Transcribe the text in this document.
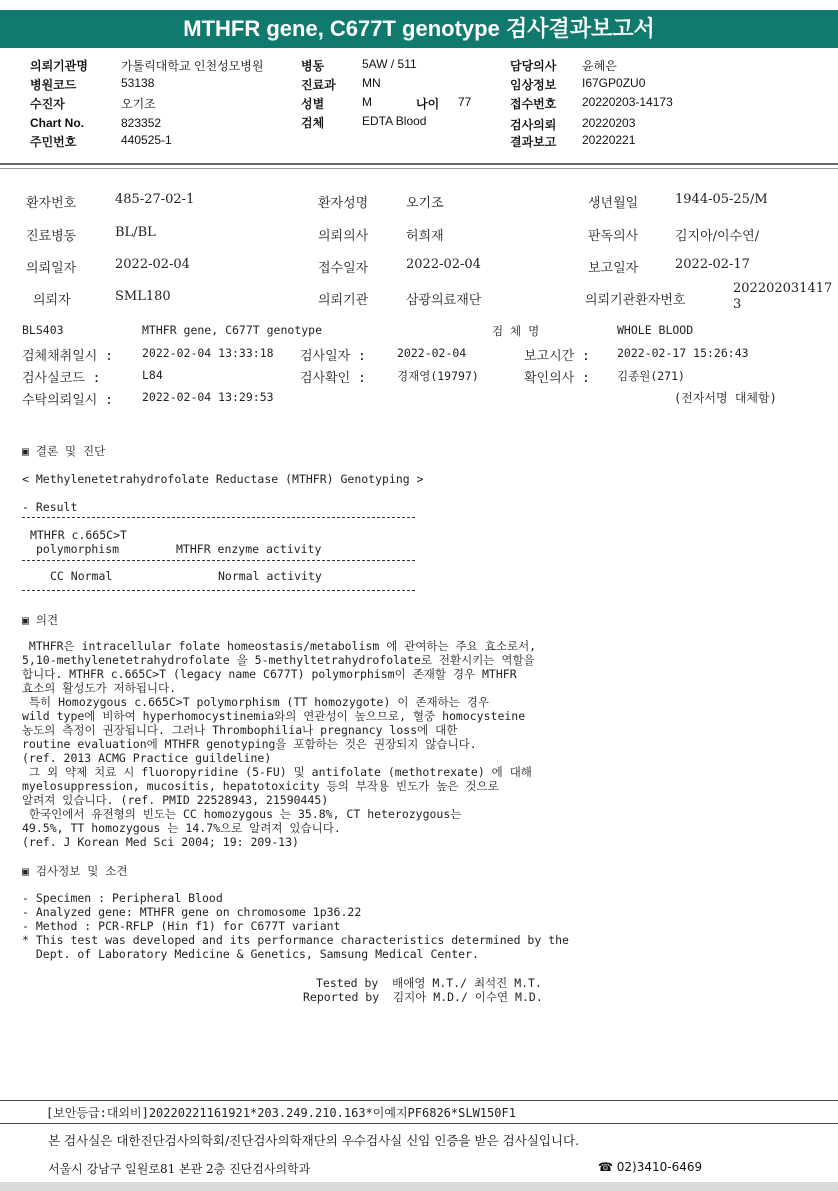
MTHFR gene, C677T genotype 검사결과보고서
의뢰기관명	가톨릭대학교 인천성모병원
병원코드	53138
수진자	오기조
Chart No.	823352
주민번호	440525-1
병동	5AW / 511
진료과 MN
성별	M	나이 77
검체	EDTA Blood
담당의사 윤혜은
임상정보 I67GP0ZU0
접수번호 20220203-14173
검사의뢰 20220203
결과보고 20220221
환자번호	485-27-02-1	환자성명	오기조	생년월일	1944-05-25/M
진료병동	BL/BL	의뢰의사	허희재	판독의사	김지아/이수연/
의뢰일자	2022-02-04	접수일자	2022-02-04	보고일자	2022-02-17
의뢰자	SML180	의뢰기관	삼광의료재단	의뢰기관환자번호
202202031417
3
BLS403	MTHFR gene, C677T genotype	검 체 명	WHOLE BLOOD
검체채취일시 :	2022-02-04 13:33:18 검사일자 :	2022-02-04	보고시간 : 2022-02-17 15:26:43
검사실코드 :	L84	검사확인 :	경재영(19797)	확인의사 : 김종원(271)
수탁의뢰일시 :	2022-02-04 13:29:53	(전자서명 대체함)
▣ 결론 및 진단
< Methylenetetrahydrofolate Reductase (MTHFR) Genotyping >
- Result
MTHFR c.665C>T
polymorphism	MTHFR enzyme activity
CC Normal	Normal activity
▣ 의견
MTHFR은 intracellular folate homeostasis/metabolism 에 관여하는 주요 효소로서,
5,10-methylenetetrahydrofolate 을 5-methyltetrahydrofolate로 전환시키는 역할을
합니다. MTHFR c.665C>T (legacy name C677T) polymorphism이 존재할 경우 MTHFR
효소의 활성도가 저하됩니다.
특히 Homozygous c.665C>T polymorphism (TT homozygote) 이 존재하는 경우
wild type에 비하여 hyperhomocystinemia와의 연관성이 높으므로, 혈중 homocysteine
농도의 측정이 권장됩니다. 그러나 Thrombophilia나 pregnancy loss에 대한
routine evaluation에 MTHFR genotyping을 포함하는 것은 권장되지 않습니다.
(ref. 2013 ACMG Practice guildeline)
그 외 약제 치료 시 fluoropyridine (5-FU) 및 antifolate (methotrexate) 에 대해
myelosuppression, mucositis, hepatotoxicity 등의 부작용 빈도가 높은 것으로
알려져 있습니다. (ref. PMID 22528943, 21590445)
한국인에서 유전형의 빈도는 CC homozygous 는 35.8%, CT heterozygous는
49.5%, TT homozygous 는 14.7%으로 알려져 있습니다.
(ref. J Korean Med Sci 2004; 19: 209-13)
▣ 검사정보 및 소견
- Specimen : Peripheral Blood
- Analyzed gene: MTHFR gene on chromosome 1p36.22
- Method : PCR-RFLP (Hin f1) for C677T variant
* This test was developed and its performance characteristics determined by the
Dept. of Laboratory Medicine & Genetics, Samsung Medical Center.
Tested by  배애영 M.T./ 최석진 M.T.
Reported by  김지아 M.D./ 이수연 M.D.
[보안등급:대외비]20220221161921*203.249.210.163*이예지PF6826*SLW150F1
본 검사실은 대한진단검사의학회/진단검사의학재단의 우수검사실 신임 인증을 받은 검사실입니다.
서울시 강남구 일원로81 본관 2층 진단검사의학과	☎ 02)3410-6469
